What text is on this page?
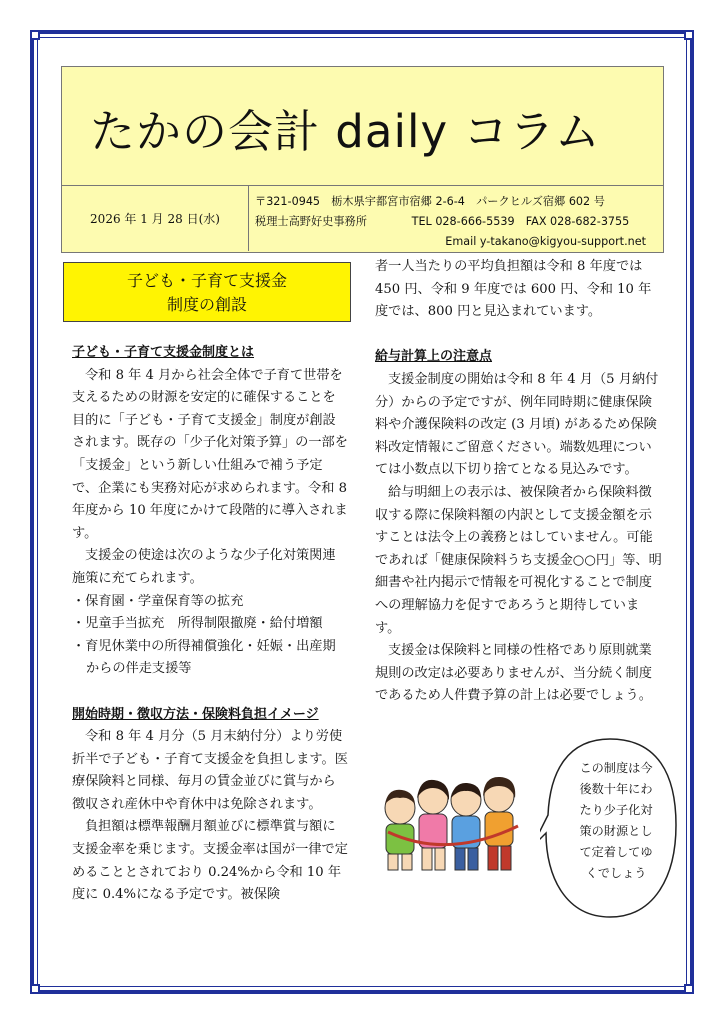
たかの会計 daily コラム
2026 年 1 月 28 日(水)
〒321-0945　栃木県宇都宮市宿郷 2-6-4　パークヒルズ宿郷 602 号
税理士高野好史事務所　　　　TEL 028-666-5539　FAX 028-682-3755
Email y-takano@kigyou-support.net
子ども・子育て支援金
制度の創設

子ども・子育て支援金制度とは

令和 8 年 4 月から社会全体で子育て世帯を支えるための財源を安定的に確保することを目的に「子ども・子育て支援金」制度が創設されます。既存の「少子化対策予算」の一部を「支援金」という新しい仕組みで補う予定で、企業にも実務対応が求められます。令和 8 年度から 10 年度にかけて段階的に導入されます。

支援金の使途は次のような少子化対策関連施策に充てられます。

・保育園・学童保育等の拡充

・児童手当拡充　所得制限撤廃・給付増額

・育児休業中の所得補償強化・妊娠・出産期

からの伴走支援等

開始時期・徴収方法・保険料負担イメージ

令和 8 年 4 月分（5 月末納付分）より労使折半で子ども・子育て支援金を負担します。医療保険料と同様、毎月の賃金並びに賞与から徴収され産休中や育休中は免除されます。

負担額は標準報酬月額並びに標準賞与額に支援金率を乗じます。支援金率は国が一律で定めることとされており 0.24%から令和 10 年度に 0.4%になる予定です。被保険

者一人当たりの平均負担額は令和 8 年度では 450 円、令和 9 年度では 600 円、令和 10 年度では、800 円と見込まれています。

給与計算上の注意点

支援金制度の開始は令和 8 年 4 月（5 月納付分）からの予定ですが、例年同時期に健康保険料や介護保険料の改定 (3 月頃) があるため保険料改定情報にご留意ください。端数処理については小数点以下切り捨てとなる見込みです。

給与明細上の表示は、被保険者から保険料徴収する際に保険料額の内訳として支援金額を示すことは法令上の義務とはしていません。可能であれば「健康保険料うち支援金○○円」等、明細書や社内掲示で情報を可視化することで制度への理解協力を促すであろうと期待しています。

支援金は保険料と同様の性格であり原則就業規則の改定は必要ありませんが、当分続く制度であるため人件費予算の計上は必要でしょう。

この制度は今
後数十年にわ
たり少子化対
策の財源とし
て定着してゆ
くでしょう
